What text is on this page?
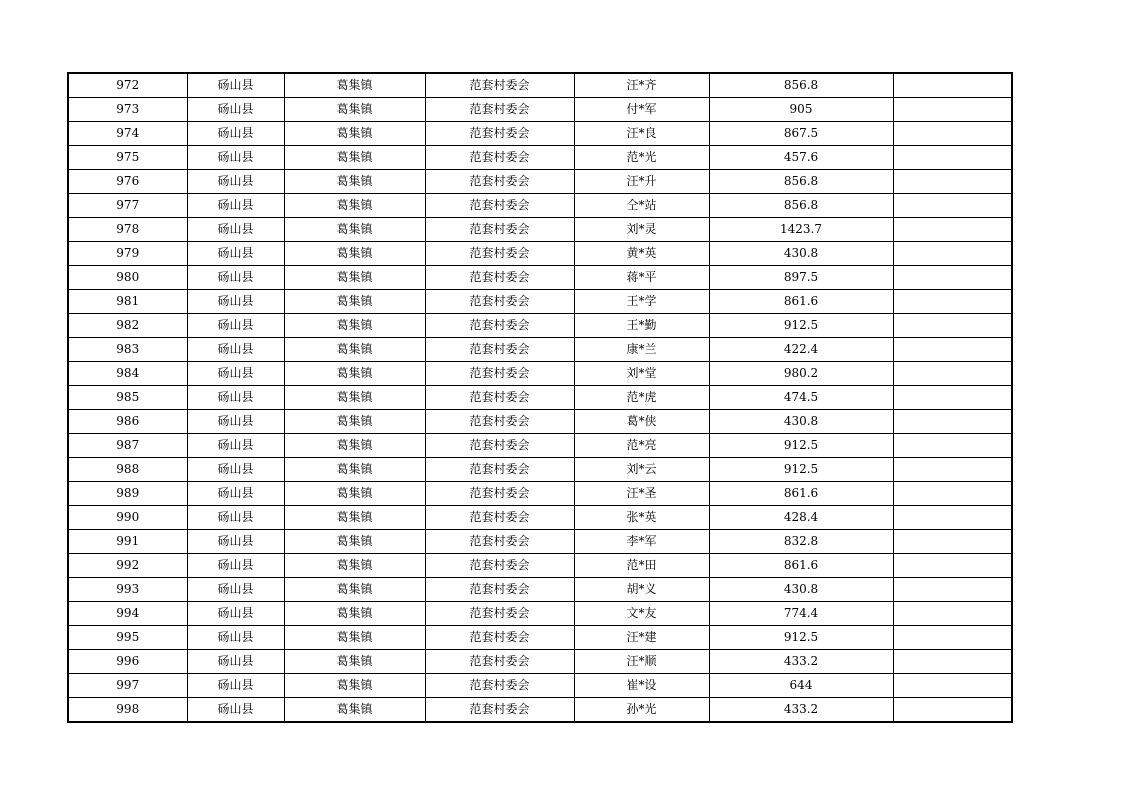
972	砀山县	葛集镇	范套村委会	汪*齐	856.8	
973	砀山县	葛集镇	范套村委会	付*军	905	
974	砀山县	葛集镇	范套村委会	汪*良	867.5	
975	砀山县	葛集镇	范套村委会	范*光	457.6	
976	砀山县	葛集镇	范套村委会	汪*升	856.8	
977	砀山县	葛集镇	范套村委会	仝*站	856.8	
978	砀山县	葛集镇	范套村委会	刘*灵	1423.7	
979	砀山县	葛集镇	范套村委会	黄*英	430.8	
980	砀山县	葛集镇	范套村委会	蒋*平	897.5	
981	砀山县	葛集镇	范套村委会	王*学	861.6	
982	砀山县	葛集镇	范套村委会	王*勤	912.5	
983	砀山县	葛集镇	范套村委会	康*兰	422.4	
984	砀山县	葛集镇	范套村委会	刘*堂	980.2	
985	砀山县	葛集镇	范套村委会	范*虎	474.5	
986	砀山县	葛集镇	范套村委会	葛*侠	430.8	
987	砀山县	葛集镇	范套村委会	范*亮	912.5	
988	砀山县	葛集镇	范套村委会	刘*云	912.5	
989	砀山县	葛集镇	范套村委会	汪*圣	861.6	
990	砀山县	葛集镇	范套村委会	张*英	428.4	
991	砀山县	葛集镇	范套村委会	李*军	832.8	
992	砀山县	葛集镇	范套村委会	范*田	861.6	
993	砀山县	葛集镇	范套村委会	胡*义	430.8	
994	砀山县	葛集镇	范套村委会	文*友	774.4	
995	砀山县	葛集镇	范套村委会	汪*建	912.5	
996	砀山县	葛集镇	范套村委会	汪*顺	433.2	
997	砀山县	葛集镇	范套村委会	崔*设	644	
998	砀山县	葛集镇	范套村委会	孙*光	433.2	
